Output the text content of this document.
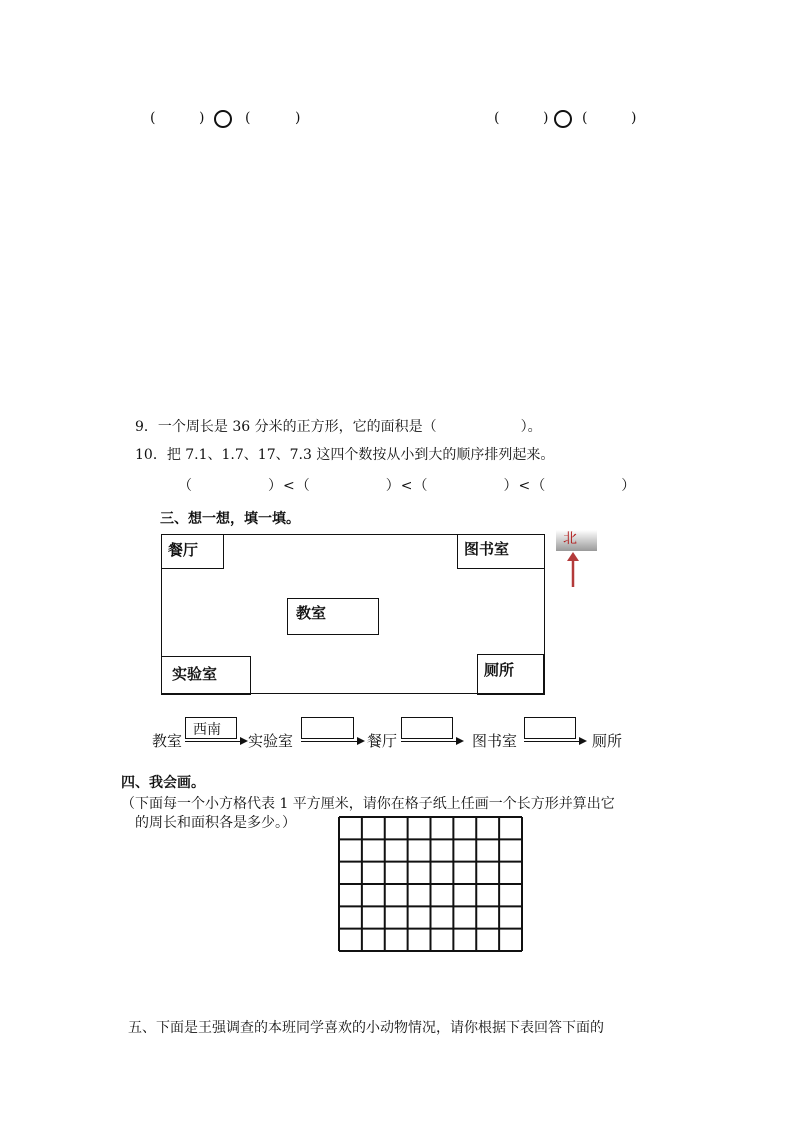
(	)	(	)	(	) (	)
9．一个周长是 36 分米的正方形，它的面积是（　　　　　　）。
10．把 7.1、1.7、17、7.3 这四个数按从小到大的顺序排列起来。
（　　　　　）<（　　　　　）<（　　　　　）<（　　　　　）
三、想一想，填一填。
餐厅	图书室
教室
实验室	厕所
北
教室
西南
实验室	餐厅	图书室	厕所
四、我会画。
（下面每一个小方格代表 1 平方厘米，请你在格子纸上任画一个长方形并算出它
的周长和面积各是多少。）
五、下面是王强调查的本班同学喜欢的小动物情况，请你根据下表回答下面的
